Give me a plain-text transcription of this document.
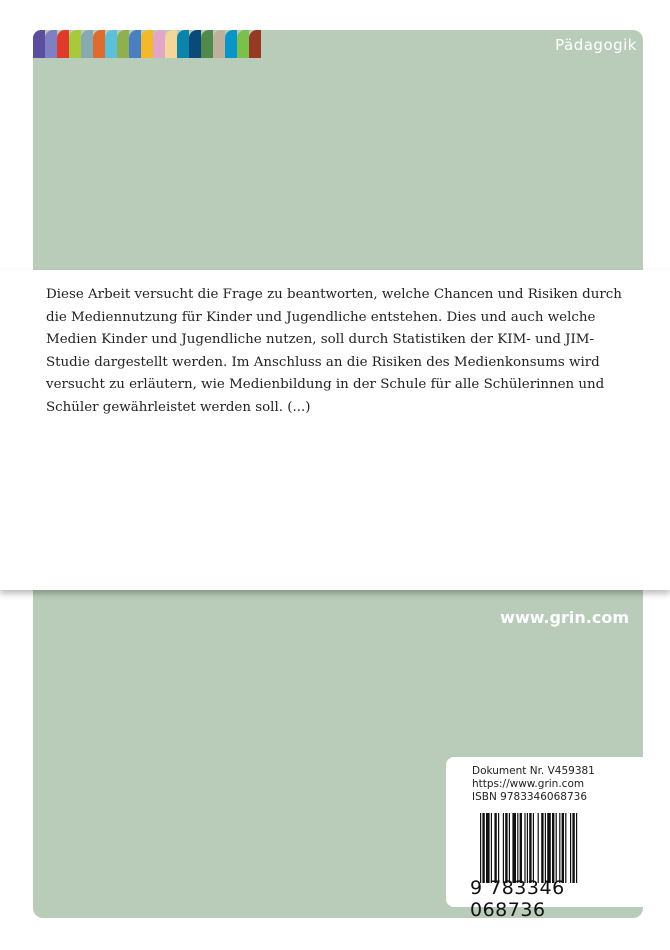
Pädagogik
Diese Arbeit versucht die Frage zu beantworten, welche Chancen und Risiken durch die Mediennutzung für Kinder und Jugendliche entstehen. Dies und auch welche Medien Kinder und Jugendliche nutzen, soll durch Statistiken der KIM- und JIM-Studie dargestellt werden. Im Anschluss an die Risiken des Medienkonsums wird versucht zu erläutern, wie Medienbildung in der Schule für alle Schülerinnen und Schüler gewährleistet werden soll. (...)
www.grin.com
Dokument Nr. V459381
https://www.grin.com
ISBN 9783346068736
9 783346 068736
